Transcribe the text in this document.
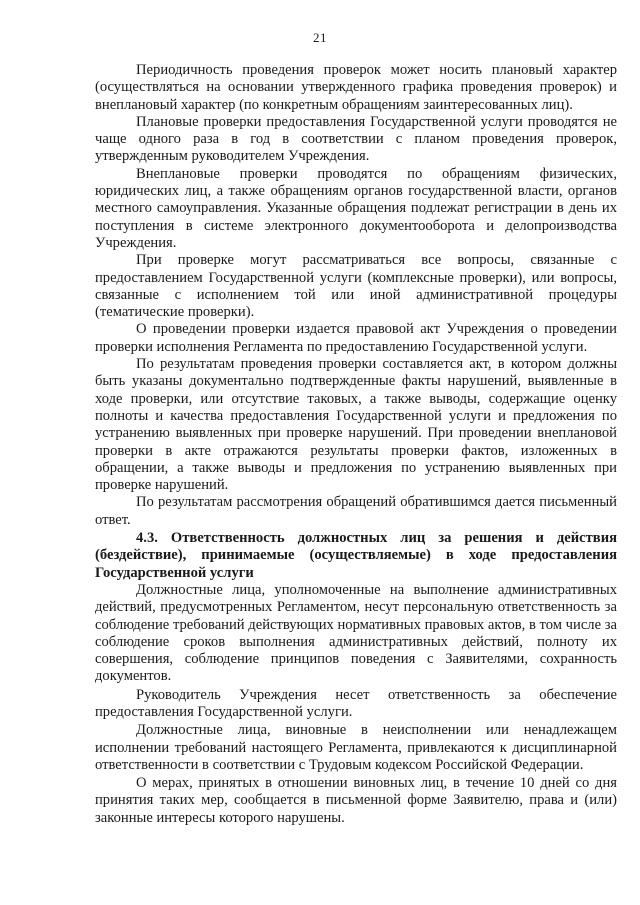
21

Периодичность проведения проверок может носить плановый характер (осуществляться на основании утвержденного графика проведения проверок) и внеплановый характер (по конкретным обращениям заинтересованных лиц).

Плановые проверки предоставления Государственной услуги проводятся не чаще одного раза в год в соответствии с планом проведения проверок, утвержденным руководителем Учреждения.

Внеплановые проверки проводятся по обращениям физических, юридических лиц, а также обращениям органов государственной власти, органов местного самоуправления. Указанные обращения подлежат регистрации в день их поступления в системе электронного документооборота и делопроизводства Учреждения.

При проверке могут рассматриваться все вопросы, связанные с предоставлением Государственной услуги (комплексные проверки), или вопросы, связанные с исполнением той или иной административной процедуры (тематические проверки).

О проведении проверки издается правовой акт Учреждения о проведении проверки исполнения Регламента по предоставлению Государственной услуги.

По результатам проведения проверки составляется акт, в котором должны быть указаны документально подтвержденные факты нарушений, выявленные в ходе проверки, или отсутствие таковых, а также выводы, содержащие оценку полноты и качества предоставления Государственной услуги и предложения по устранению выявленных при проверке нарушений. При проведении внеплановой проверки в акте отражаются результаты проверки фактов, изложенных в обращении, а также выводы и предложения по устранению выявленных при проверке нарушений.

По результатам рассмотрения обращений обратившимся дается письменный ответ.

4.3. Ответственность должностных лиц за решения и действия (бездействие), принимаемые (осуществляемые) в ходе предоставления Государственной услуги

Должностные лица, уполномоченные на выполнение административных действий, предусмотренных Регламентом, несут персональную ответственность за соблюдение требований действующих нормативных правовых актов, в том числе за соблюдение сроков выполнения административных действий, полноту их совершения, соблюдение принципов поведения с Заявителями, сохранность документов.

Руководитель Учреждения несет ответственность за обеспечение предоставления Государственной услуги.

Должностные лица, виновные в неисполнении или ненадлежащем исполнении требований настоящего Регламента, привлекаются к дисциплинарной ответственности в соответствии с Трудовым кодексом Российской Федерации.

О мерах, принятых в отношении виновных лиц, в течение 10 дней со дня принятия таких мер, сообщается в письменной форме Заявителю, права и (или) законные интересы которого нарушены.
